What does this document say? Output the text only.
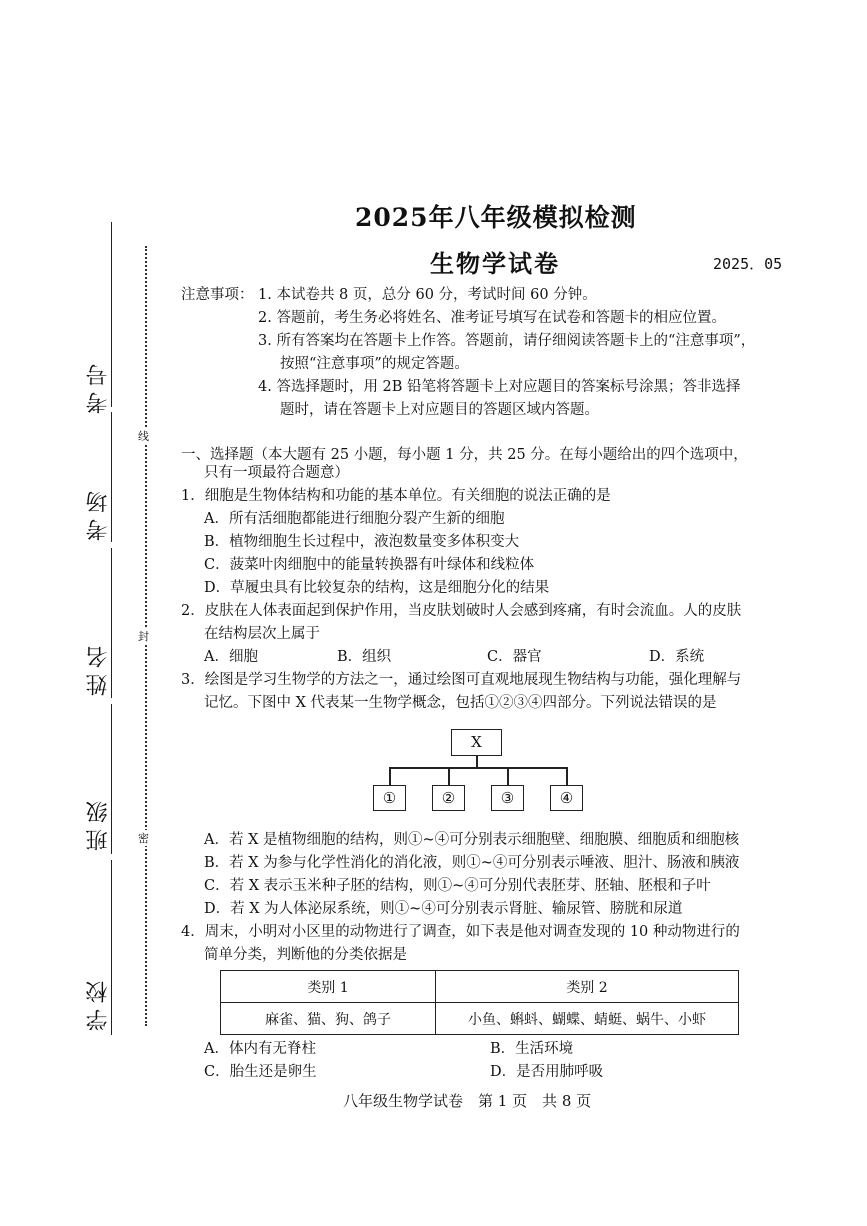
考号
考场
姓名
班级
学校
线
封
密
2025年八年级模拟检测
生物学试卷	2025．05
注意事项： 1. 本试卷共 8 页，总分 60 分，考试时间 60 分钟。
2. 答题前，考生务必将姓名、准考证号填写在试卷和答题卡的相应位置。
3. 所有答案均在答题卡上作答。答题前，请仔细阅读答题卡上的“注意事项”，
按照“注意事项”的规定答题。
4. 答选择题时，用 2B 铅笔将答题卡上对应题目的答案标号涂黑；答非选择
题时，请在答题卡上对应题目的答题区域内答题。
一、选择题（本大题有 25 小题，每小题 1 分，共 25 分。在每小题给出的四个选项中，
只有一项最符合题意）
1．细胞是生物体结构和功能的基本单位。有关细胞的说法正确的是
A．所有活细胞都能进行细胞分裂产生新的细胞
B．植物细胞生长过程中，液泡数量变多体积变大
C．菠菜叶肉细胞中的能量转换器有叶绿体和线粒体
D．草履虫具有比较复杂的结构，这是细胞分化的结果
2．皮肤在人体表面起到保护作用，当皮肤划破时人会感到疼痛，有时会流血。人的皮肤
在结构层次上属于
A．细胞	B．组织	C．器官	D．系统
3．绘图是学习生物学的方法之一，通过绘图可直观地展现生物结构与功能，强化理解与
记忆。下图中 X 代表某一生物学概念，包括①②③④四部分。下列说法错误的是
X
①	②	③	④
A．若 X 是植物细胞的结构，则①~④可分别表示细胞壁、细胞膜、细胞质和细胞核
B．若 X 为参与化学性消化的消化液，则①~④可分别表示唾液、胆汁、肠液和胰液
C．若 X 表示玉米种子胚的结构，则①~④可分别代表胚芽、胚轴、胚根和子叶
D．若 X 为人体泌尿系统，则①~④可分别表示肾脏、输尿管、膀胱和尿道
4．周末，小明对小区里的动物进行了调查，如下表是他对调查发现的 10 种动物进行的
简单分类，判断他的分类依据是
类别 1	类别 2
麻雀、猫、狗、鸽子	小鱼、蝌蚪、蝴蝶、蜻蜓、蜗牛、小虾
A．体内有无脊柱	B．生活环境
C．胎生还是卵生	D．是否用肺呼吸
八年级生物学试卷　第 1 页　共 8 页
